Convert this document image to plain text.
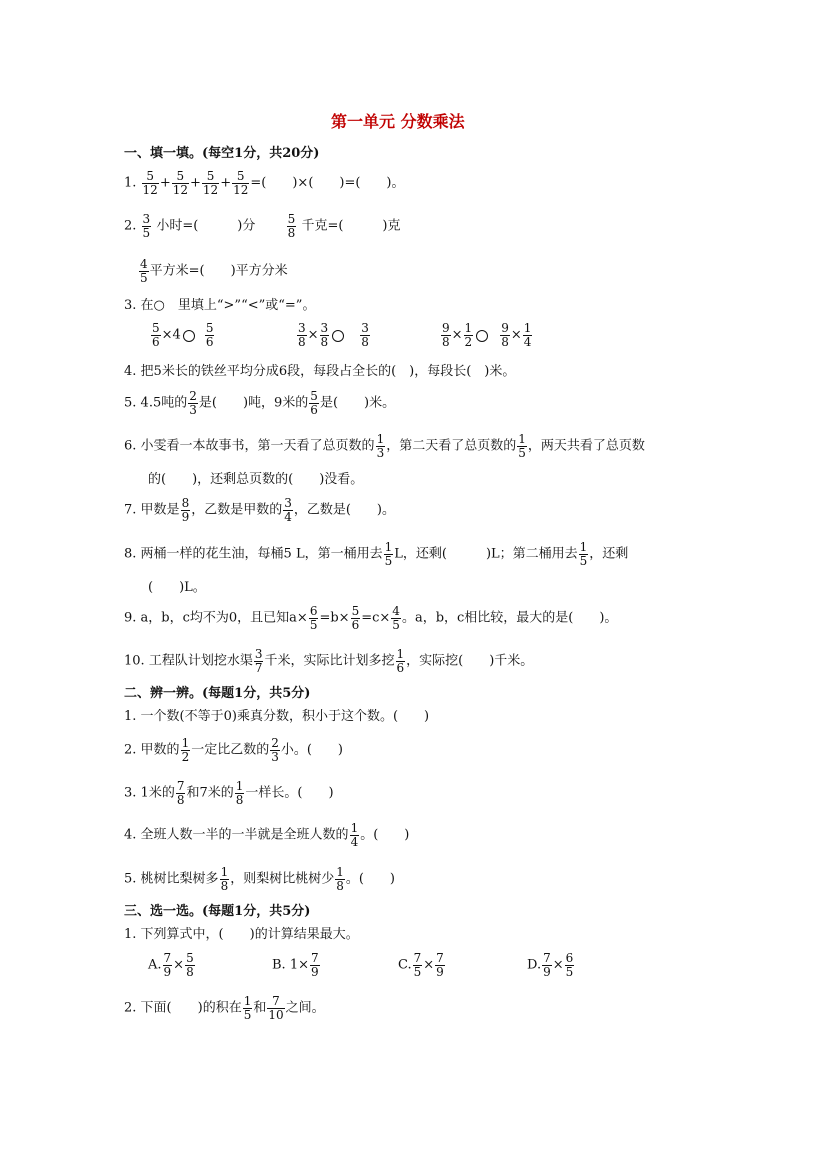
第一单元 分数乘法
一、填一填。(每空1分，共20分)
1. $\frac{5}{12} + \frac{5}{12} + \frac{5}{12} + \frac{5}{12}$ =(　　)×(　　)=(　　)。
2. $\frac{3}{5}$ 小时=(　　　)分	$\frac{5}{8}$ 千克=(　　　)克
$\frac{4}{5}$ 平方米=(　　)平方分米
3. 在○　里填上“>”“<”或“=”。
$\frac{5}{6} \times 4 \frac{5}{6}$	$\frac{3}{8} \times \frac{3}{8}$	$\frac{3}{8}$	$\frac{9}{8} \times \frac{1}{2} \frac{9}{8} \times \frac{1}{4}$
4. 把5米长的铁丝平均分成6段，每段占全长的(　)，每段长(　)米。
5. 4.5吨的 $\frac{2}{3}$ 是(　　)吨，9米的 $\frac{5}{6}$ 是(　　)米。
6. 小雯看一本故事书，第一天看了总页数的 $\frac{1}{3}$ ，第二天看了总页数的 $\frac{1}{5}$ ，两天共看了总页数
的(　　)，还剩总页数的(　　)没看。
7. 甲数是 $\frac{8}{9}$ ，乙数是甲数的 $\frac{3}{4}$ ，乙数是(　　)。
8. 两桶一样的花生油，每桶5 L，第一桶用去 $\frac{1}{5}$ L，还剩(　　　)L；第二桶用去 $\frac{1}{5}$ ，还剩
(　　)L。
9. a，b，c均不为0，且已知$a\times \frac{6}{5} =b\times \frac{5}{6} =c\times \frac{4}{5}$ 。a，b，c相比较，最大的是(　　)。
10. 工程队计划挖水渠 $\frac{3}{7}$ 千米，实际比计划多挖 $\frac{1}{6}$ ，实际挖(　　)千米。
二、辨一辨。(每题1分，共5分)
1. 一个数(不等于0)乘真分数，积小于这个数。(　　)
2. 甲数的 $\frac{1}{2}$ 一定比乙数的 $\frac{2}{3}$ 小。(　　)
3. 1米的 $\frac{7}{8}$ 和7米的 $\frac{1}{8}$ 一样长。(　　)
4. 全班人数一半的一半就是全班人数的 $\frac{1}{4}$ 。(　　)
5. 桃树比梨树多 $\frac{1}{8}$ ，则梨树比桃树少 $\frac{1}{8}$ 。(　　)
三、选一选。(每题1分，共5分)
1. 下列算式中，(　　)的计算结果最大。
A. $\frac{7}{9} \times \frac{5}{8}$	B. $1\times \frac{7}{9}$	C. $\frac{7}{5} \times \frac{7}{9}$	D. $\frac{7}{9} \times \frac{6}{5}$
2. 下面(　　)的积在 $\frac{1}{5}$ 和 $\frac{7}{10}$ 之间。
